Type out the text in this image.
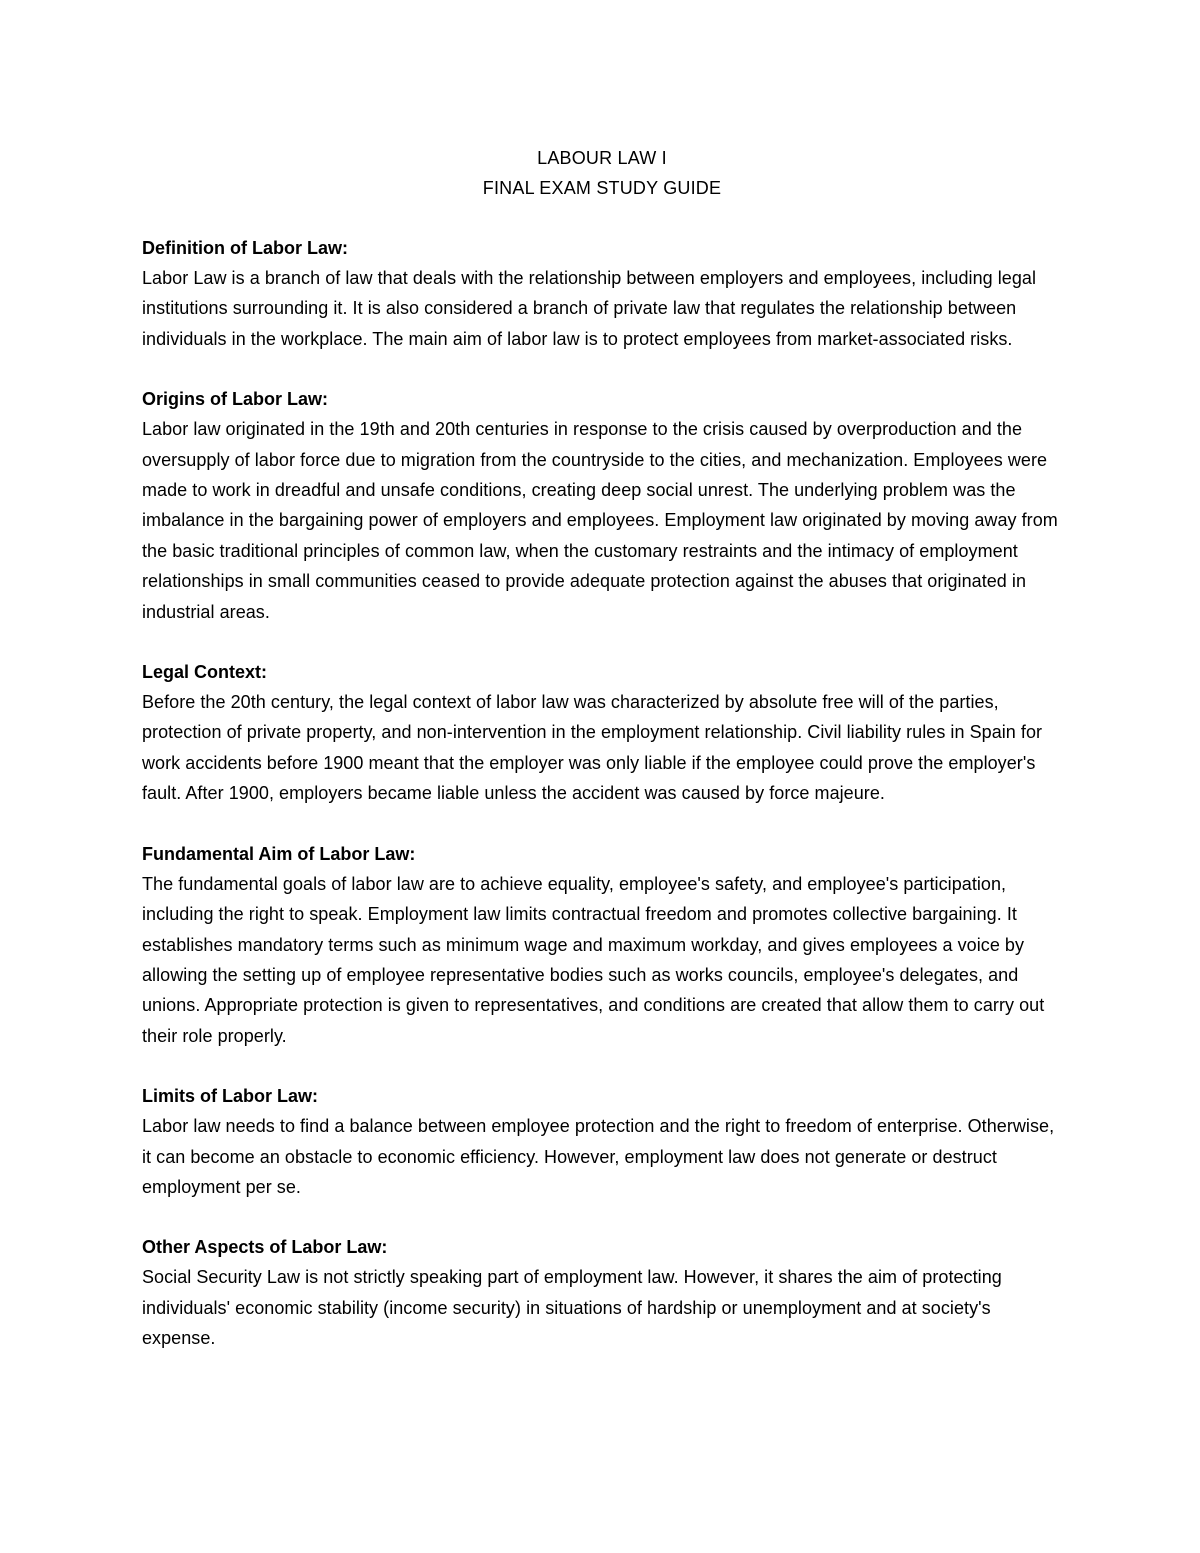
LABOUR LAW I
FINAL EXAM STUDY GUIDE
Definition of Labor Law:

Labor Law is a branch of law that deals with the relationship between employers and employees, including legal institutions surrounding it. It is also considered a branch of private law that regulates the relationship between individuals in the workplace. The main aim of labor law is to protect employees from market-associated risks.

Origins of Labor Law:

Labor law originated in the 19th and 20th centuries in response to the crisis caused by overproduction and the oversupply of labor force due to migration from the countryside to the cities, and mechanization. Employees were made to work in dreadful and unsafe conditions, creating deep social unrest. The underlying problem was the imbalance in the bargaining power of employers and employees. Employment law originated by moving away from the basic traditional principles of common law, when the customary restraints and the intimacy of employment relationships in small communities ceased to provide adequate protection against the abuses that originated in industrial areas.

Legal Context:

Before the 20th century, the legal context of labor law was characterized by absolute free will of the parties, protection of private property, and non-intervention in the employment relationship. Civil liability rules in Spain for work accidents before 1900 meant that the employer was only liable if the employee could prove the employer's fault. After 1900, employers became liable unless the accident was caused by force majeure.

Fundamental Aim of Labor Law:

The fundamental goals of labor law are to achieve equality, employee's safety, and employee's participation, including the right to speak. Employment law limits contractual freedom and promotes collective bargaining. It establishes mandatory terms such as minimum wage and maximum workday, and gives employees a voice by allowing the setting up of employee representative bodies such as works councils, employee's delegates, and unions. Appropriate protection is given to representatives, and conditions are created that allow them to carry out their role properly.

Limits of Labor Law:

Labor law needs to find a balance between employee protection and the right to freedom of enterprise. Otherwise, it can become an obstacle to economic efficiency. However, employment law does not generate or destruct employment per se.

Other Aspects of Labor Law:

Social Security Law is not strictly speaking part of employment law. However, it shares the aim of protecting individuals' economic stability (income security) in situations of hardship or unemployment and at society's expense.
